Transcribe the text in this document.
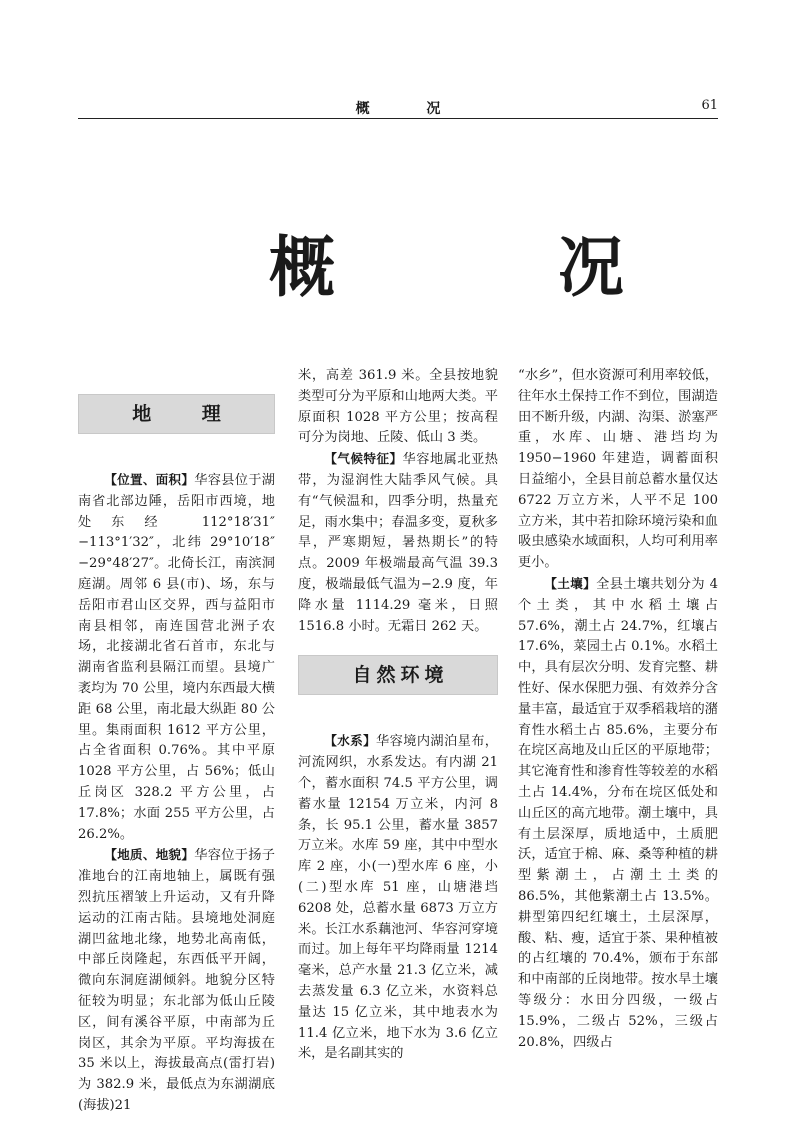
概 况	61
概 况
地 理

【位置、面积】华容县位于湖南省北部边陲，岳阳市西境，地处东经 112°18′31″−113°1′32″，北纬 29°10′18″−29°48′27″。北倚长江，南滨洞庭湖。周邻 6 县(市)、场，东与岳阳市君山区交界，西与益阳市南县相邻，南连国营北洲子农场，北接湖北省石首市，东北与湖南省监利县隔江而望。县境广袤均为 70 公里，境内东西最大横距 68 公里，南北最大纵距 80 公里。集雨面积 1612 平方公里，占全省面积 0.76%。其中平原 1028 平方公里，占 56%；低山丘岗区 328.2 平方公里，占 17.8%；水面 255 平方公里，占 26.2%。

【地质、地貌】华容位于扬子准地台的江南地轴上，属既有强烈抗压褶皱上升运动，又有升降运动的江南古陆。县境地处洞庭湖凹盆地北缘，地势北高南低，中部丘岗隆起，东西低平开阔，微向东洞庭湖倾斜。地貌分区特征较为明显；东北部为低山丘陵区，间有溪谷平原，中南部为丘岗区，其余为平原。平均海拔在 35 米以上，海拔最高点(雷打岩)为 382.9 米，最低点为东湖湖底(海拔)21

米，高差 361.9 米。全县按地貌类型可分为平原和山地两大类。平原面积 1028 平方公里；按高程可分为岗地、丘陵、低山 3 类。

【气候特征】华容地属北亚热带，为湿润性大陆季风气候。具有“气候温和，四季分明，热量充足，雨水集中；春温多变，夏秋多旱，严寒期短，暑热期长”的特点。2009 年极端最高气温 39.3 度，极端最低气温为−2.9 度，年降水量 1114.29 毫米，日照 1516.8 小时。无霜日 262 天。

自然环境

【水系】华容境内湖泊星布，河流网织，水系发达。有内湖 21 个，蓄水面积 74.5 平方公里，调蓄水量 12154 万立米，内河 8 条，长 95.1 公里，蓄水量 3857 万立米。水库 59 座，其中中型水库 2 座，小(一)型水库 6 座，小(二)型水库 51 座，山塘港垱 6208 处，总蓄水量 6873 万立方米。长江水系藕池河、华容河穿境而过。加上每年平均降雨量 1214 毫米，总产水量 21.3 亿立米，减去蒸发量 6.3 亿立米，水资料总量达 15 亿立米，其中地表水为 11.4 亿立米，地下水为 3.6 亿立米，是名副其实的

“水乡”，但水资源可利用率较低，往年水土保持工作不到位，围湖造田不断升级，内湖、沟渠、淤塞严重，水库、山塘、港垱均为 1950−1960 年建造，调蓄面积日益缩小，全县目前总蓄水量仅达 6722 万立方米，人平不足 100 立方米，其中若扣除环境污染和血吸虫感染水域面积，人均可利用率更小。

【土壤】全县土壤共划分为 4 个土类，其中水稻土壤占 57.6%，潮土占 24.7%，红壤占 17.6%，菜园土占 0.1%。水稻土中，具有层次分明、发育完整、耕性好、保水保肥力强、有效养分含量丰富，最适宜于双季稻栽培的潴育性水稻土占 85.6%，主要分布在垸区高地及山丘区的平原地带；其它淹育性和渗育性等较差的水稻土占 14.4%，分布在垸区低处和山丘区的高亢地带。潮土壤中，具有土层深厚，质地适中，土质肥沃，适宜于棉、麻、桑等种植的耕型紫潮土，占潮土土类的 86.5%，其他紫潮土占 13.5%。耕型第四纪红壤土，土层深厚，酸、粘、瘦，适宜于茶、果种植被的占红壤的 70.4%，颁布于东部和中南部的丘岗地带。按水旱土壤等级分：水田分四级，一级占 15.9%，二级占 52%，三级占 20.8%，四级占
